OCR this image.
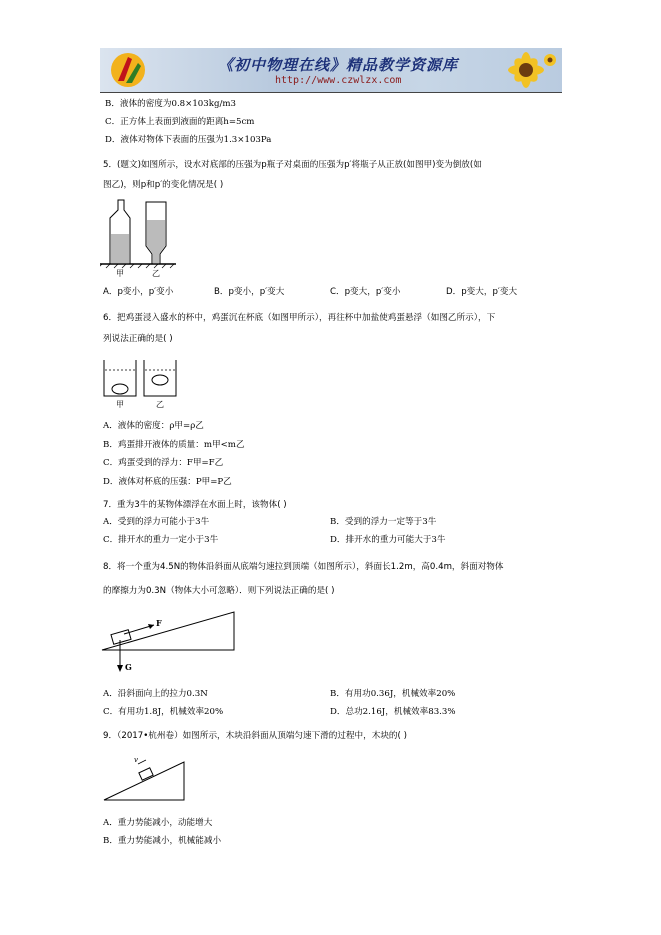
《初中物理在线》精品教学资源库
http://www.czwlzx.com
B．液体的密度为0.8×103kg/m3
C．正方体上表面到液面的距离h=5cm
D．液体对物体下表面的压强为1.3×103Pa
5．(题文)如图所示，设水对底部的压强为p瓶子对桌面的压强为p′将瓶子从正放(如图甲)变为倒放(如
图乙)，则p和p′的变化情况是( )
甲	乙
A．p变小，p′变小	B．p变小，p′变大	C．p变大，p′变小	D．p变大，p′变大
6．把鸡蛋浸入盛水的杯中，鸡蛋沉在杯底（如图甲所示），再往杯中加盐使鸡蛋悬浮（如图乙所示），下
列说法正确的是( )
甲	乙
A．液体的密度：ρ甲=ρ乙
B．鸡蛋排开液体的质量：m甲<m乙
C．鸡蛋受到的浮力：F甲=F乙
D．液体对杯底的压强：P甲=P乙
7．重为3牛的某物体漂浮在水面上时，该物体( )
A．受到的浮力可能小于3牛	B．受到的浮力一定等于3牛
C．排开水的重力一定小于3牛	D．排开水的重力可能大于3牛
8．将一个重为4.5N的物体沿斜面从底端匀速拉到顶端（如图所示），斜面长1.2m，高0.4m，斜面对物体
的摩擦力为0.3N（物体大小可忽略）．则下列说法正确的是( )
F
G
A．沿斜面向上的拉力0.3N	B．有用功0.36J，机械效率20%
C．有用功1.8J，机械效率20%	D．总功2.16J，机械效率83.3%
9．（2017•杭州卷）如图所示，木块沿斜面从顶端匀速下滑的过程中，木块的( )
v
A．重力势能减小，动能增大
B．重力势能减小，机械能减小
